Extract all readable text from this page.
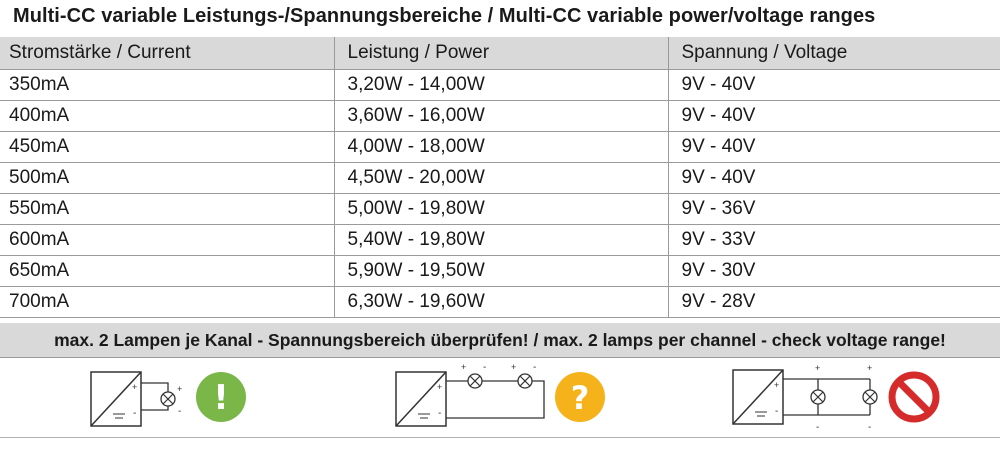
Multi-CC variable Leistungs-/Spannungsbereiche / Multi-CC variable power/voltage ranges
Stromstärke / Current	Leistung / Power	Spannung / Voltage
350mA	3,20W - 14,00W	9V - 40V
400mA	3,60W - 16,00W	9V - 40V
450mA	4,00W - 18,00W	9V - 40V
500mA	4,50W - 20,00W	9V - 40V
550mA	5,00W - 19,80W	9V - 36V
600mA	5,40W - 19,80W	9V - 33V
650mA	5,90W - 19,50W	9V - 30V
700mA	6,30W - 19,60W	9V - 28V
max. 2 Lampen je Kanal - Spannungsbereich überprüfen! / max. 2 lamps per channel - check voltage range!
+
-
+
- !	+
-
+ -	+ -
?	+
-
+
-
+
-
